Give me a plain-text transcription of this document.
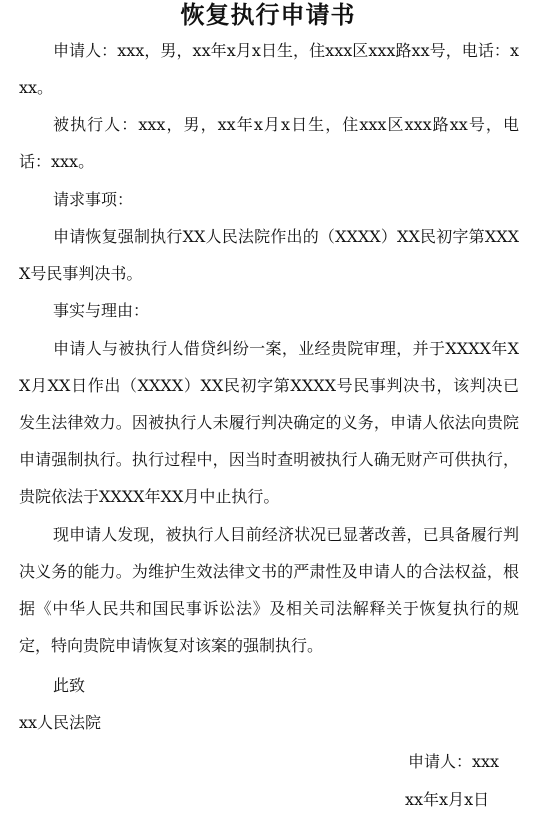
恢复执行申请书
申请人：xxx，男，xx年x月x日生，住xxx区xxx路xx号，电话：xxx。
被执行人：xxx，男，xx年x月x日生，住xxx区xxx路xx号，电话：xxx。
请求事项：
申请恢复强制执行XX人民法院作出的（XXXX）XX民初字第XXXX号民事判决书。
事实与理由：
申请人与被执行人借贷纠纷一案，业经贵院审理，并于XXXX年XX月XX日作出（XXXX）XX民初字第XXXX号民事判决书，该判决已发生法律效力。因被执行人未履行判决确定的义务，申请人依法向贵院申请强制执行。执行过程中，因当时查明被执行人确无财产可供执行，贵院依法于XXXX年XX月中止执行。
现申请人发现，被执行人目前经济状况已显著改善，已具备履行判决义务的能力。为维护生效法律文书的严肃性及申请人的合法权益，根据《中华人民共和国民事诉讼法》及相关司法解释关于恢复执行的规定，特向贵院申请恢复对该案的强制执行。
此致
xx人民法院
申请人：xxx
xx年x月x日
